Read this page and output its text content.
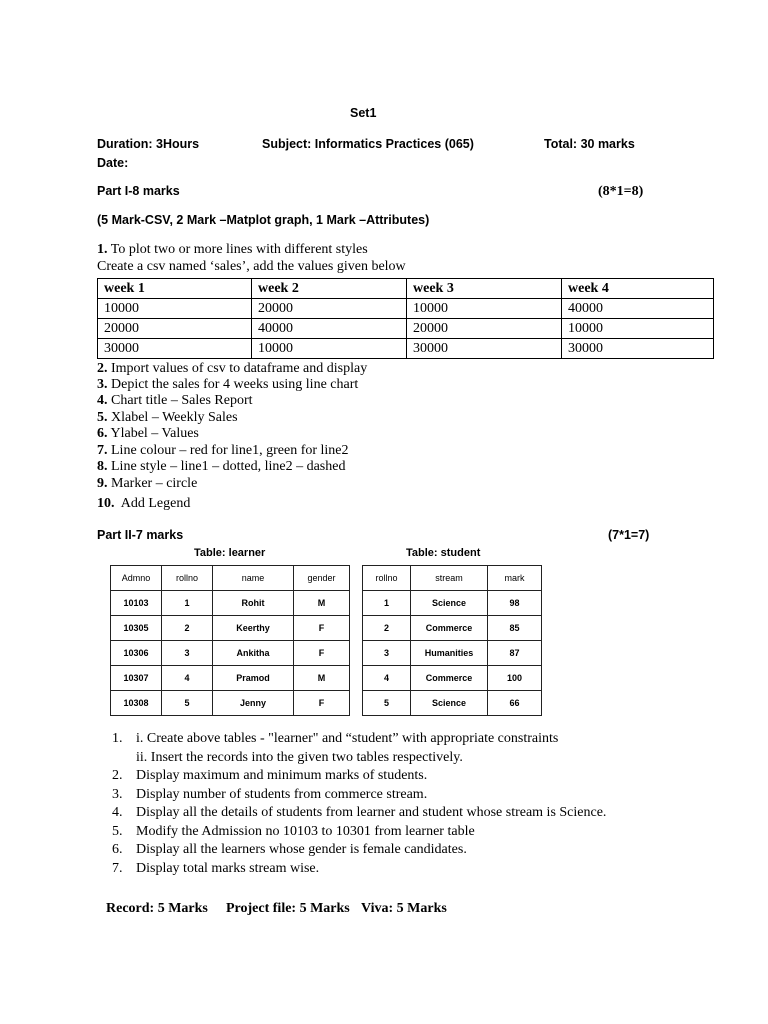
Set1
Duration: 3Hours	Subject: Informatics Practices (065)	Total: 30 marks
Date:
Part I-8 marks	(8*1=8)
(5 Mark-CSV, 2 Mark –Matplot graph, 1 Mark –Attributes)
1. To plot two or more lines with different styles
Create a csv named ‘sales’, add the values given below
week 1	week 2	week 3	week 4
10000	20000	10000	40000
20000	40000	20000	10000
30000	10000	30000	30000
2. Import values of csv to dataframe and display
3. Depict the sales for 4 weeks using line chart
4. Chart title – Sales Report
5. Xlabel – Weekly Sales
6. Ylabel – Values
7. Line colour – red for line1, green for line2
8. Line style – line1 – dotted, line2 – dashed
9. Marker – circle
10. Add Legend
Part II-7 marks	(7*1=7)
Table: learner	Table: student
Admno	rollno	name	gender
10103	1	Rohit	M
10305	2	Keerthy	F
10306	3	Ankitha	F
10307	4	Pramod	M
10308	5	Jenny	F
rollno	stream	mark
1	Science	98
2	Commerce	85
3	Humanities	87
4	Commerce	100
5	Science	66
1. i. Create above tables - "learner" and “student” with appropriate constraints
ii. Insert the records into the given two tables respectively.
2. Display maximum and minimum marks of students.
3. Display number of students from commerce stream.
4. Display all the details of students from learner and student whose stream is Science.
5. Modify the Admission no 10103 to 10301 from learner table
6. Display all the learners whose gender is female candidates.
7. Display total marks stream wise.
Record: 5 Marks Project file: 5 Marks Viva: 5 Marks
